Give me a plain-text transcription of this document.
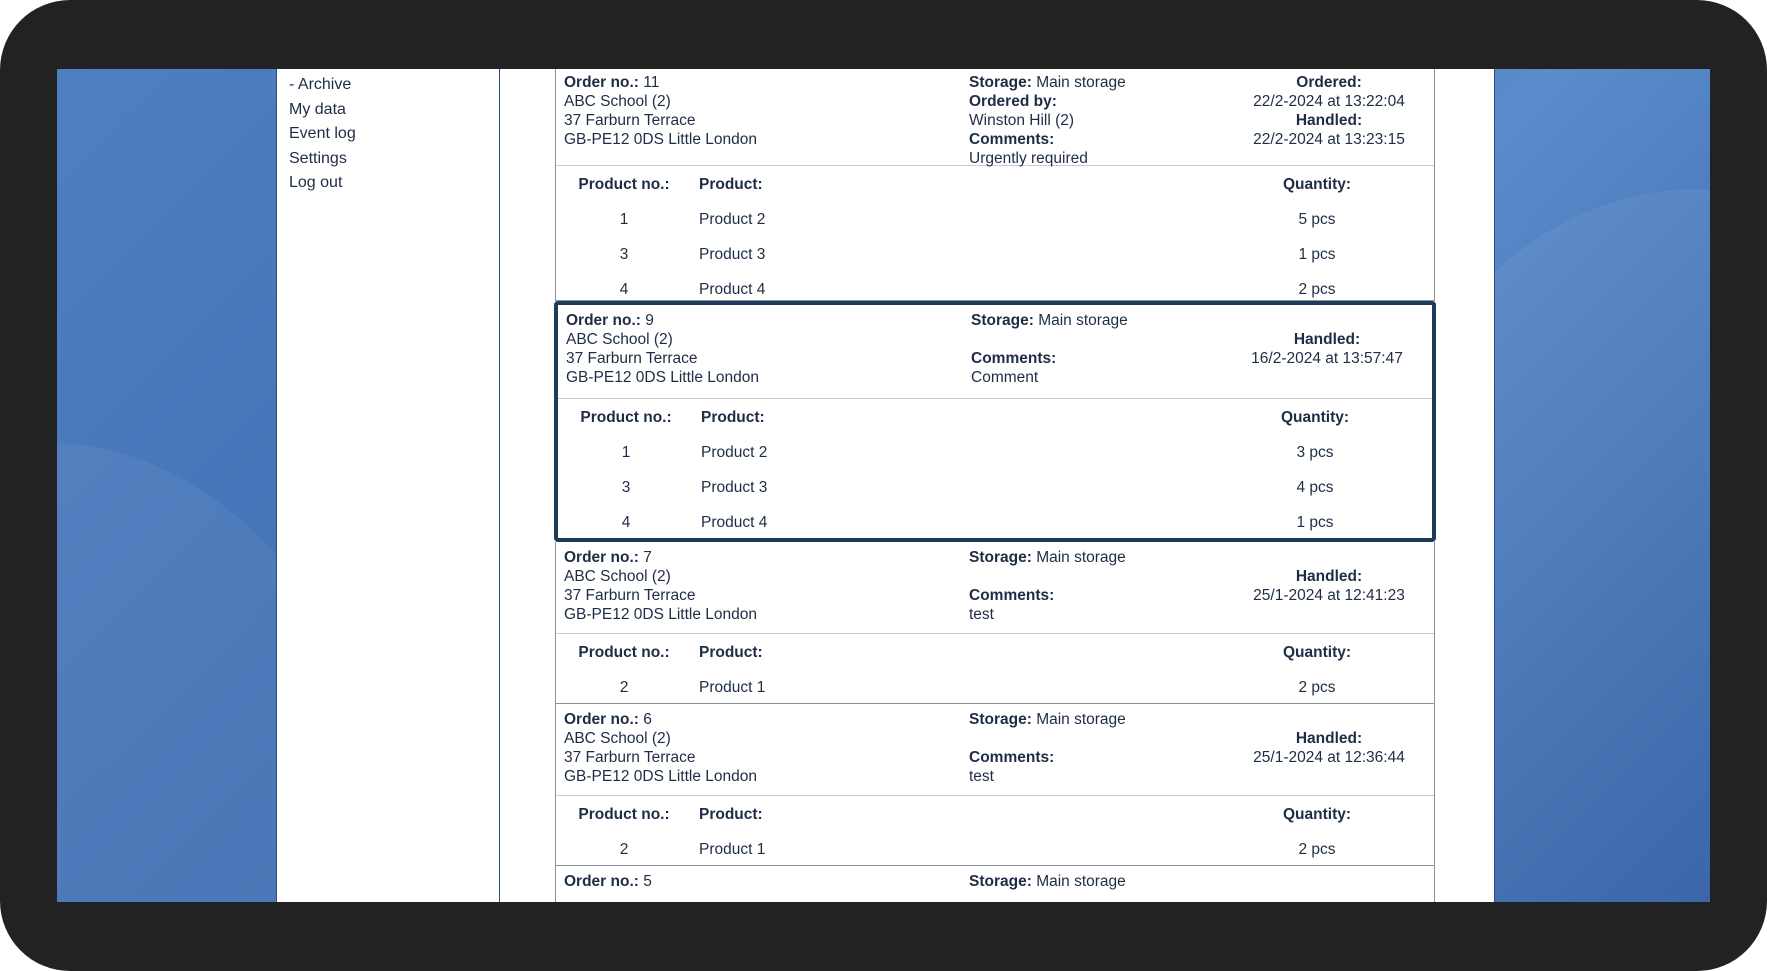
- Archive
My data
Event log
Settings
Log out
Order no.: 11
ABC School (2)
37 Farburn Terrace
GB-PE12 0DS Little London
Storage: Main storage
Ordered by:
Winston Hill (2)
Comments:
Urgently required
Ordered:
22/2-2024 at 13:22:04
Handled:
22/2-2024 at 13:23:15
Product no.:	Product:	Quantity:
1	Product 2	5 pcs
3	Product 3	1 pcs
4	Product 4	2 pcs
Order no.: 9
ABC School (2)
37 Farburn Terrace
GB-PE12 0DS Little London
Storage: Main storage

Comments:
Comment

Handled:
16/2-2024 at 13:57:47
Product no.:	Product:	Quantity:
1	Product 2	3 pcs
3	Product 3	4 pcs
4	Product 4	1 pcs
Order no.: 7
ABC School (2)
37 Farburn Terrace
GB-PE12 0DS Little London
Storage: Main storage

Comments:
test

Handled:
25/1-2024 at 12:41:23
Product no.:	Product:	Quantity:
2	Product 1	2 pcs
Order no.: 6
ABC School (2)
37 Farburn Terrace
GB-PE12 0DS Little London
Storage: Main storage

Comments:
test

Handled:
25/1-2024 at 12:36:44
Product no.:	Product:	Quantity:
2	Product 1	2 pcs
Order no.: 5	Storage: Main storage
